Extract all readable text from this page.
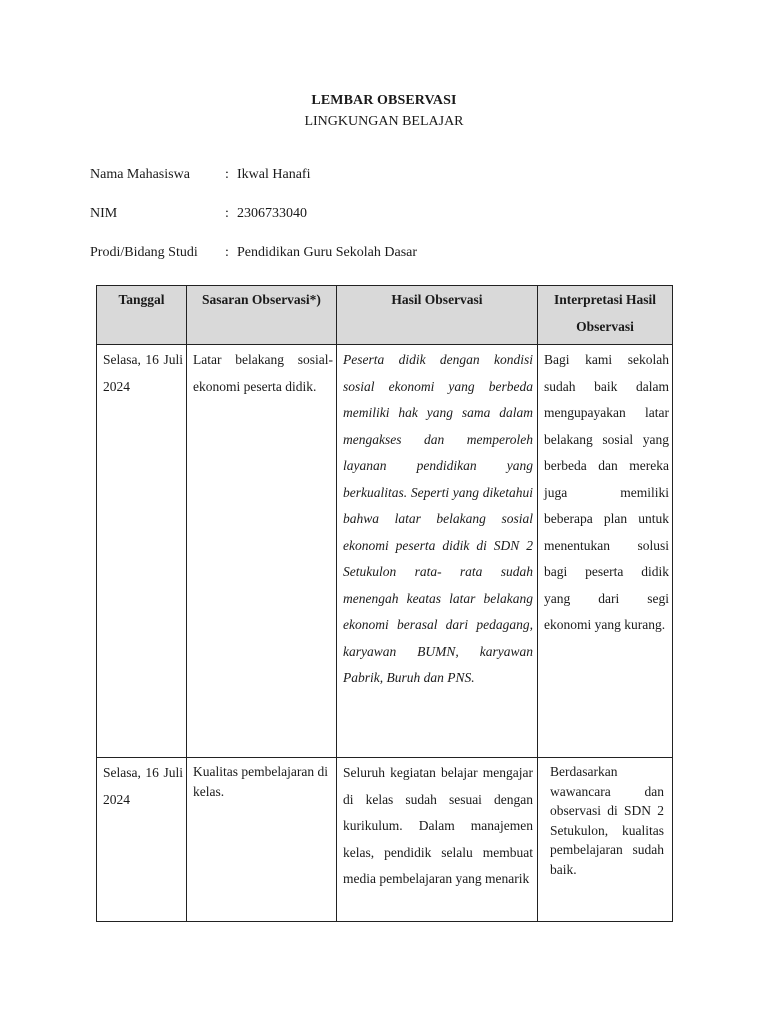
LEMBAR OBSERVASI
LINGKUNGAN BELAJAR
Nama Mahasiswa	: Ikwal Hanafi
NIM	: 2306733040
Prodi/Bidang Studi : Pendidikan Guru Sekolah Dasar
Tanggal	Sasaran Observasi*)	Hasil Observasi	Interpretasi Hasil Observasi

Selasa, 16 Juli 2024	Latar belakang sosial-ekonomi peserta didik.	Peserta didik dengan kondisi sosial ekonomi yang berbeda memiliki hak yang sama dalam mengakses dan memperoleh layanan pendidikan yang berkualitas. Seperti yang diketahui bahwa latar belakang sosial ekonomi peserta didik di SDN 2 Setukulon rata- rata sudah menengah keatas latar belakang ekonomi berasal dari pedagang, karyawan BUMN, karyawan Pabrik, Buruh dan PNS.	Bagi kami sekolah sudah baik dalam mengupayakan latar belakang sosial yang berbeda dan mereka juga memiliki beberapa plan untuk menentukan solusi bagi peserta didik yang dari segi ekonomi yang kurang.

Selasa, 16 Juli 2024	Kualitas pembelajaran di kelas.	Seluruh kegiatan belajar mengajar di kelas sudah sesuai dengan kurikulum. Dalam manajemen kelas, pendidik selalu membuat media pembelajaran yang menarik	Berdasarkan wawancara dan observasi di SDN 2 Setukulon, kualitas pembelajaran sudah baik.
